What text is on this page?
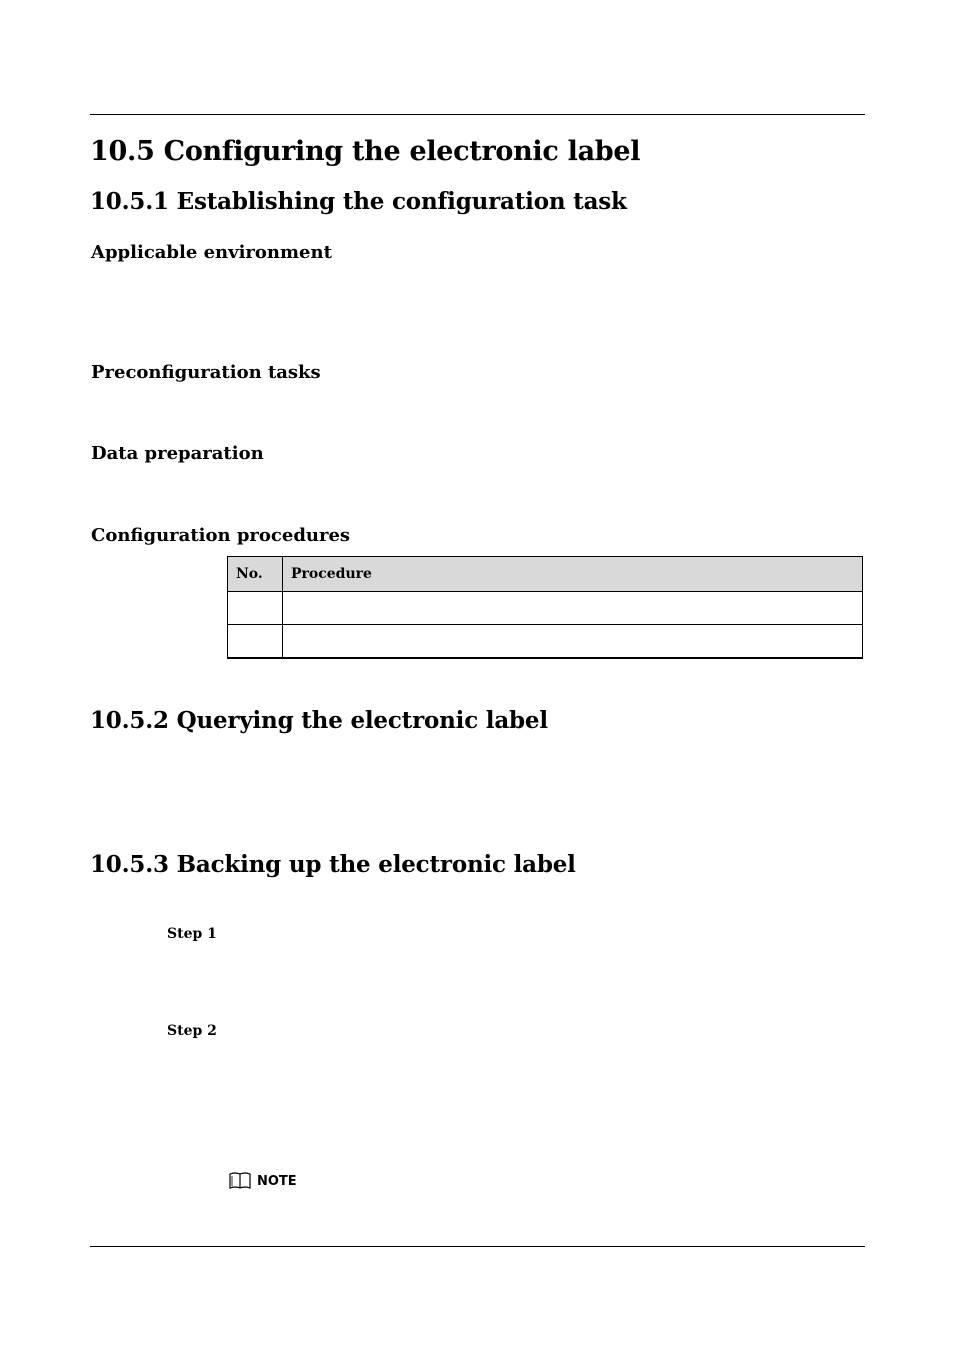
10.5 Configuring the electronic label
10.5.1 Establishing the configuration task
Applicable environment
Preconfiguration tasks
Data preparation
Configuration procedures
No.	Procedure

10.5.2 Querying the electronic label
10.5.3 Backing up the electronic label
Step 1
Step 2
NOTE
